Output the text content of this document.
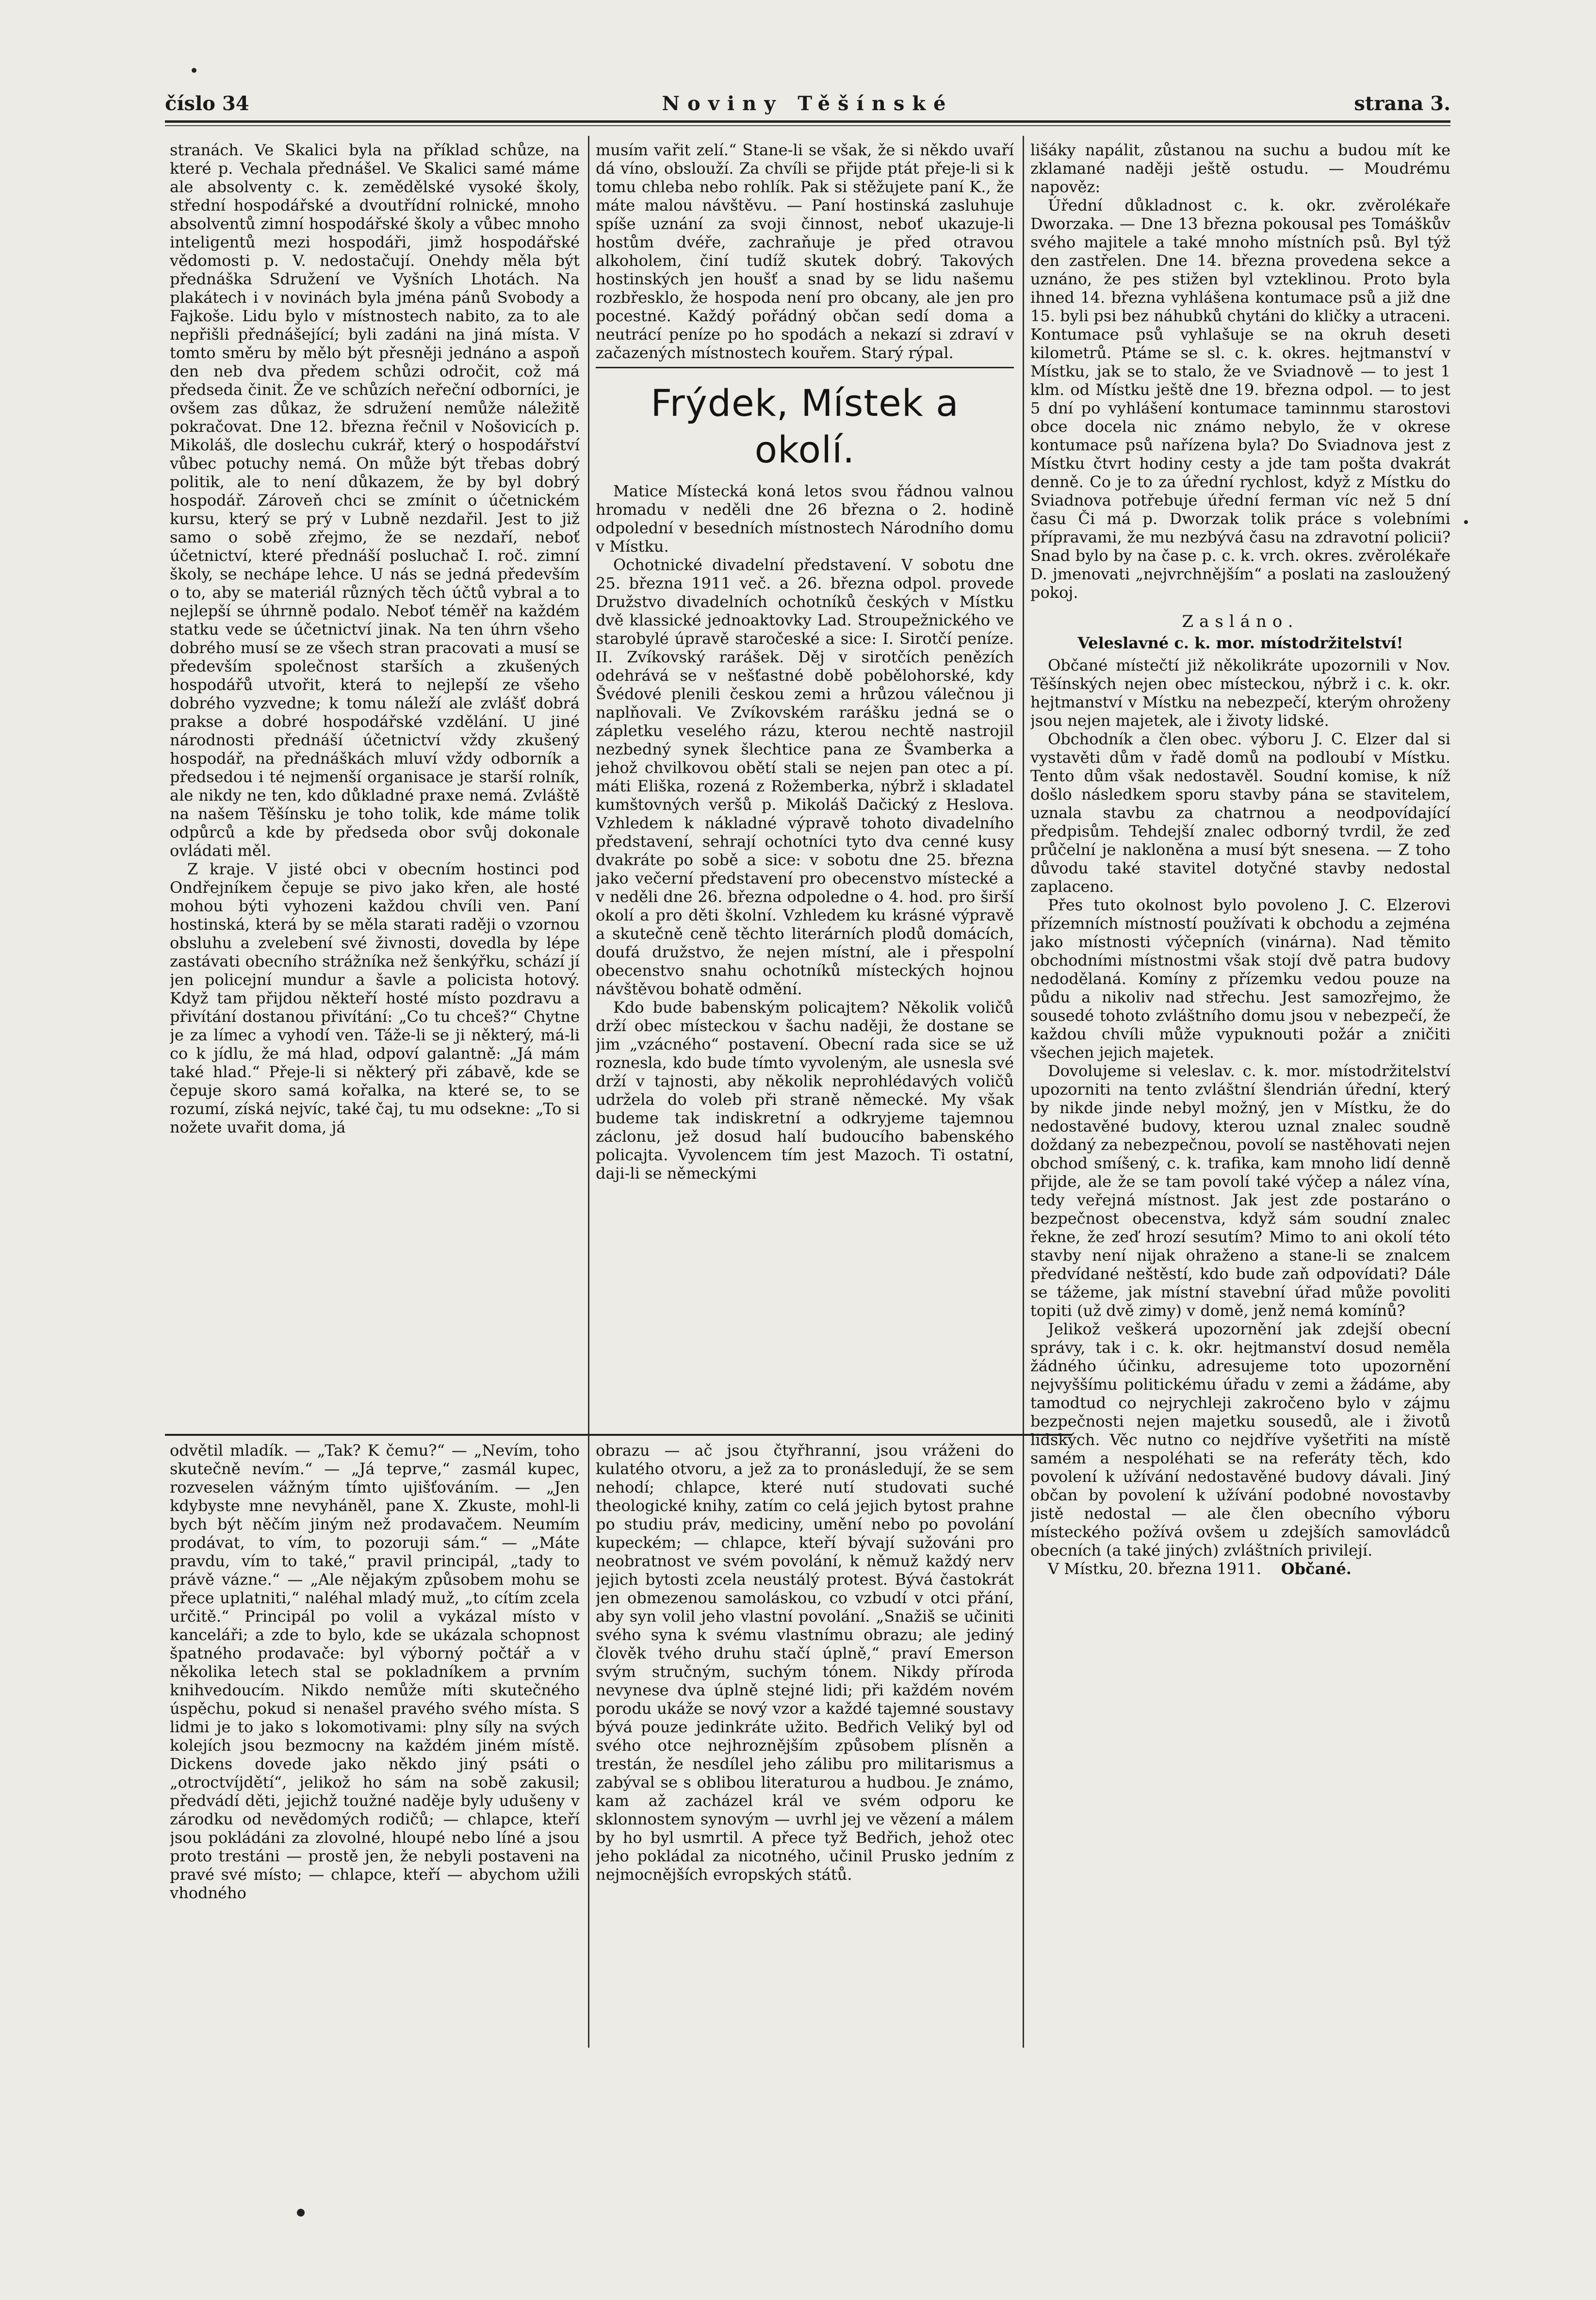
číslo 34	Noviny Těšínské	strana 3.

stranách. Ve Skalici byla na příklad schůze, na které p. Vechala přednášel. Ve Skalici samé máme ale absolventy c. k. zemědělské vysoké školy, střední hospodářské a dvoutřídní rolnické, mnoho absolventů zimní hospodářské školy a vůbec mnoho inteligentů mezi hospodáři, jimž hospodářské vědomosti p. V. nedostačují. Onehdy měla být přednáška Sdružení ve Vyšních Lhotách. Na plakátech i v novinách byla jména pánů Svobody a Fajkoše. Lidu bylo v místnostech nabito, za to ale nepřišli přednášející; byli zadáni na jiná místa. V tomto směru by mělo být přesněji jednáno a aspoň den neb dva předem schůzi odročit, což má předseda činit. Že ve schůzích neřeční odborníci, je ovšem zas důkaz, že sdružení nemůže náležitě pokračovat. Dne 12. března řečnil v Nošovicích p. Mikoláš, dle doslechu cukrář, který o hospodářství vůbec potuchy nemá. On může být třebas dobrý politik, ale to není důkazem, že by byl dobrý hospodář. Zároveň chci se zmínit o účetnickém kursu, který se prý v Lubně nezdařil. Jest to již samo o sobě zřejmo, že se nezdaří, neboť účetnictví, které přednáší posluchač I. roč. zimní školy, se nechápe lehce. U nás se jedná především o to, aby se materiál různých těch účtů vybral a to nejlepší se úhrnně podalo. Neboť téměř na každém statku vede se účetnictví jinak. Na ten úhrn všeho dobrého musí se ze všech stran pracovati a musí se především společnost starších a zkušených hospodářů utvořit, která to nejlepší ze všeho dobrého vyzvedne; k tomu náleží ale zvlášť dobrá prakse a dobré hospodářské vzdělání. U jiné národnosti přednáší účetnictví vždy zkušený hospodář, na přednáškách mluví vždy odborník a předsedou i té nejmenší organisace je starší rolník, ale nikdy ne ten, kdo důkladné praxe nemá. Zvláště na našem Těšínsku je toho tolik, kde máme tolik odpůrců a kde by předseda obor svůj dokonale ovládati měl.

Z kraje. V jisté obci v obecním hostinci pod Ondřejníkem čepuje se pivo jako křen, ale hosté mohou býti vyhozeni každou chvíli ven. Paní hostinská, která by se měla starati raději o vzornou obsluhu a zvelebení své živnosti, dovedla by lépe zastávati obecního strážníka než šenkýřku, schází jí jen policejní mundur a šavle a policista hotový. Když tam přijdou někteří hosté místo pozdravu a přivítání dostanou přivítání: „Co tu chceš?“ Chytne je za límec a vyhodí ven. Táže-li se ji některý, má-li co k jídlu, že má hlad, odpoví galantně: „Já mám také hlad.“ Přeje-li si některý při zábavě, kde se čepuje skoro samá kořalka, na které se, to se rozumí, získá nejvíc, také čaj, tu mu odsekne: „To si nožete uvařit doma, já

musím vařit zelí.“ Stane-li se však, že si někdo uvaří dá víno, obslouží. Za chvíli se přijde ptát přeje-li si k tomu chleba nebo rohlík. Pak si stěžujete paní K., že máte malou návštěvu. — Paní hostinská zasluhuje spíše uznání za svoji činnost, neboť ukazuje-li hostům dvéře, zachraňuje je před otravou alkoholem, činí tudíž skutek dobrý. Takových hostinských jen houšť a snad by se lidu našemu rozbřesklo, že hospoda není pro obcany, ale jen pro pocestné. Každý pořádný občan sedí doma a neutrácí peníze po ho spodách a nekazí si zdraví v začazených místnostech kouřem. Starý rýpal.

Frýdek, Místek a okolí.

Matice Místecká koná letos svou řádnou valnou hromadu v neděli dne 26 března o 2. hodině odpolední v besedních místnostech Národního domu v Místku.

Ochotnické divadelní představení. V sobotu dne 25. března 1911 več. a 26. března odpol. provede Družstvo divadelních ochotníků českých v Místku dvě klassické jednoaktovky Lad. Stroupežnického ve starobylé úpravě staročeské a sice: I. Sirotčí peníze. II. Zvíkovský rarášek. Děj v sirotčích penězích odehrává se v nešťastné době pobělohorské, kdy Švédové plenili českou zemi a hrůzou válečnou ji naplňovali. Ve Zvíkovském rarášku jedná se o zápletku veselého rázu, kterou nechtě nastrojil nezbedný synek šlechtice pana ze Švamberka a jehož chvilkovou obětí stali se nejen pan otec a pí. máti Eliška, rozená z Rožemberka, nýbrž i skladatel kumštovných veršů p. Mikoláš Dačický z Heslova. Vzhledem k nákladné výpravě tohoto divadelního představení, sehrají ochotníci tyto dva cenné kusy dvakráte po sobě a sice: v sobotu dne 25. března jako večerní představení pro obecenstvo místecké a v neděli dne 26. března odpoledne o 4. hod. pro širší okolí a pro děti školní. Vzhledem ku krásné výpravě a skutečně ceně těchto literárních plodů domácích, doufá družstvo, že nejen místní, ale i přespolní obecenstvo snahu ochotníků místeckých hojnou návštěvou bohatě odmění.

Kdo bude babenským policajtem? Několik voličů drží obec místeckou v šachu naději, že dostane se jim „vzácného“ postavení. Obecní rada sice se už roznesla, kdo bude tímto vyvoleným, ale usnesla své drží v tajnosti, aby několik neprohlédavých voličů udržela do voleb při straně německé. My však budeme tak indiskretní a odkryjeme tajemnou záclonu, jež dosud halí budoucího babenského policajta. Vyvolencem tím jest Mazoch. Ti ostatní, daji-li se německými

odvětil mladík. — „Tak? K čemu?“ — „Nevím, toho skutečně nevím.“ — „Já teprve,“ zasmál kupec, rozveselen vážným tímto ujišťováním. — „Jen kdybyste mne nevyháněl, pane X. Zkuste, mohl-li bych být něčím jiným než prodavačem. Neumím prodávat, to vím, to pozoruji sám.“ — „Máte pravdu, vím to také,“ pravil principál, „tady to právě vázne.“ — „Ale nějakým způsobem mohu se přece uplatniti,“ naléhal mladý muž, „to cítím zcela určitě.“ Principál po volil a vykázal místo v kanceláři; a zde to bylo, kde se ukázala schopnost špatného prodavače: byl výborný počtář a v několika letech stal se pokladníkem a prvním knihvedoucím. Nikdo nemůže míti skutečného úspěchu, pokud si nenašel pravého svého místa. S lidmi je to jako s lokomotivami: plny síly na svých kolejích jsou bezmocny na každém jiném místě. Dickens dovede jako někdo jiný psáti o „otroctvíjdětí“, jelikož ho sám na sobě zakusil; předvádí děti, jejichž toužné naděje byly udušeny v zárodku od nevědomých rodičů; — chlapce, kteří jsou pokládáni za zlovolné, hloupé nebo líné a jsou proto trestáni — prostě jen, že nebyli postaveni na pravé své místo; — chlapce, kteří — abychom užili vhodného

obrazu — ač jsou čtyřhranní, jsou vráženi do kulatého otvoru, a jež za to pronásledují, že se sem nehodí; chlapce, které nutí studovati suché theologické knihy, zatím co celá jejich bytost prahne po studiu práv, mediciny, umění nebo po povolání kupeckém; — chlapce, kteří bývají sužováni pro neobratnost ve svém povolání, k němuž každý nerv jejich bytosti zcela neustálý protest. Bývá častokrát jen obmezenou samoláskou, co vzbudí v otci přání, aby syn volil jeho vlastní povolání. „Snažiš se učiniti svého syna k svému vlastnímu obrazu; ale jediný člověk tvého druhu stačí úplně,“ praví Emerson svým stručným, suchým tónem. Nikdy příroda nevynese dva úplně stejné lidi; při každém novém porodu ukáže se nový vzor a každé tajemné soustavy bývá pouze jedinkráte užito. Bedřich Veliký byl od svého otce nejhroznějším způsobem plísněn a trestán, že nesdílel jeho zálibu pro militarismus a zabýval se s oblibou literaturou a hudbou. Je známo, kam až zacházel král ve svém odporu ke sklonnostem synovým — uvrhl jej ve vězení a málem by ho byl usmrtil. A přece tyž Bedřich, jehož otec jeho pokládal za nicotného, učinil Prusko jedním z nejmocnějších evropských států.

lišáky napálit, zůstanou na suchu a budou mít ke zklamané naději ještě ostudu. — Moudrému napověz:

Úřední důkladnost c. k. okr. zvěrolékaře Dworzaka. — Dne 13 března pokousal pes Tomáškův svého majitele a také mnoho místních psů. Byl týž den zastřelen. Dne 14. března provedena sekce a uznáno, že pes stižen byl vzteklinou. Proto byla ihned 14. března vyhlášena kontumace psů a již dne 15. byli psi bez náhubků chytáni do kličky a utraceni. Kontumace psů vyhlašuje se na okruh deseti kilometrů. Ptáme se sl. c. k. okres. hejtmanství v Místku, jak se to stalo, že ve Sviadnově — to jest 1 klm. od Místku ještě dne 19. března odpol. — to jest 5 dní po vyhlášení kontumace taminnmu starostovi obce docela nic známo nebylo, že v okrese kontumace psů nařízena byla? Do Sviadnova jest z Místku čtvrt hodiny cesty a jde tam pošta dvakrát denně. Co je to za úřední rychlost, když z Místku do Sviadnova potřebuje úřední ferman víc než 5 dní času Či má p. Dworzak tolik práce s volebními přípravami, že mu nezbývá času na zdravotní policii? Snad bylo by na čase p. c. k. vrch. okres. zvěrolékaře D. jmenovati „nejvrchnějším“ a poslati na zasloužený pokoj.

Zasláno.
Veleslavné c. k. mor. místodržitelství!

Občané místečtí již několikráte upozornili v Nov. Těšínských nejen obec místeckou, nýbrž i c. k. okr. hejtmanství v Místku na nebezpečí, kterým ohroženy jsou nejen majetek, ale i životy lidské.

Obchodník a člen obec. výboru J. C. Elzer dal si vystavěti dům v řadě domů na podloubí v Místku. Tento dům však nedostavěl. Soudní komise, k níž došlo následkem sporu stavby pána se stavitelem, uznala stavbu za chatrnou a neodpovídající předpisům. Tehdejší znalec odborný tvrdil, že zeď průčelní je nakloněna a musí být snesena. — Z toho důvodu také stavitel dotyčné stavby nedostal zaplaceno.

Přes tuto okolnost bylo povoleno J. C. Elzerovi přízemních místností používati k obchodu a zejména jako místnosti výčepních (vinárna). Nad těmito obchodními místnostmi však stojí dvě patra budovy nedodělaná. Komíny z přízemku vedou pouze na půdu a nikoliv nad střechu. Jest samozřejmo, že sousedé tohoto zvláštního domu jsou v nebezpečí, že každou chvíli může vypuknouti požár a zničiti všechen jejich majetek.

Dovolujeme si veleslav. c. k. mor. místodržitelství upozorniti na tento zvláštní šlendrián úřední, který by nikde jinde nebyl možný, jen v Místku, že do nedostavěné budovy, kterou uznal znalec soudně doždaný za nebezpečnou, povolí se nastěhovati nejen obchod smíšený, c. k. trafika, kam mnoho lidí denně přijde, ale že se tam povolí také výčep a nález vína, tedy veřejná místnost. Jak jest zde postaráno o bezpečnost obecenstva, když sám soudní znalec řekne, že zeď hrozí sesutím? Mimo to ani okolí této stavby není nijak ohraženo a stane-li se znalcem předvídané neštěstí, kdo bude zaň odpovídati? Dále se tážeme, jak místní stavební úřad může povoliti topiti (už dvě zimy) v domě, jenž nemá komínů?

Jelikož veškerá upozornění jak zdejší obecní správy, tak i c. k. okr. hejtmanství dosud neměla žádného účinku, adresujeme toto upozornění nejvyššímu politickému úřadu v zemi a žádáme, aby tamodtud co nejrychleji zakročeno bylo v zájmu bezpečnosti nejen majetku sousedů, ale i životů lidských. Věc nutno co nejdříve vyšetřiti na místě samém a nespoléhati se na referáty těch, kdo povolení k užívání nedostavěné budovy dávali. Jiný občan by povolení k užívání podobné novostavby jistě nedostal — ale člen obecního výboru místeckého požívá ovšem u zdejších samovládců obecních (a také jiných) zvláštních privilejí.

V Místku, 20. března 1911. Občané.
